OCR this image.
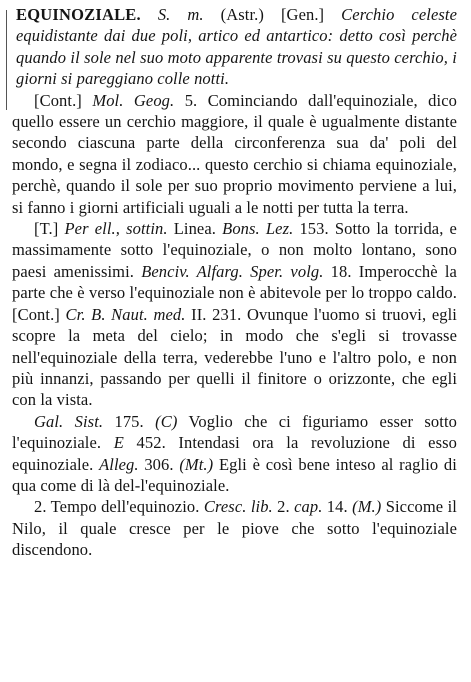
EQUINOZIALE. S. m. (Astr.) [Gen.] Cerchio celeste equidistante dai due poli, artico ed antartico: detto così perchè quando il sole nel suo moto apparente trovasi su questo cerchio, i giorni si pareggiano colle notti.

[Cont.] Mol. Geog. 5. Cominciando dall'equinoziale, dico quello essere un cerchio maggiore, il quale è ugualmente distante secondo ciascuna parte della circonferenza sua da' poli del mondo, e segna il zodiaco... questo cerchio si chiama equinoziale, perchè, quando il sole per suo proprio movimento perviene a lui, si fanno i giorni artificiali uguali a le notti per tutta la terra.

[T.] Per ell., sottin. Linea. Bons. Lez. 153. Sotto la torrida, e massimamente sotto l'equinoziale, o non molto lontano, sono paesi amenissimi. Benciv. Alfarg. Sper. volg. 18. Imperocchè la parte che è verso l'equinoziale non è abitevole per lo troppo caldo. [Cont.] Cr. B. Naut. med. II. 231. Ovunque l'uomo si truovi, egli scopre la meta del cielo; in modo che s'egli si trovasse nell'equinoziale della terra, vederebbe l'uno e l'altro polo, e non più innanzi, passando per quelli il finitore o orizzonte, che egli con la vista.

Gal. Sist. 175. (C) Voglio che ci figuriamo esser sotto l'equinoziale. E 452. Intendasi ora la revoluzione di esso equinoziale. Alleg. 306. (Mt.) Egli è così bene inteso al raglio di qua come di là del-l'equinoziale.

2. Tempo dell'equinozio. Cresc. lib. 2. cap. 14. (M.) Siccome il Nilo, il quale cresce per le piove che sotto l'equinoziale discendono.
